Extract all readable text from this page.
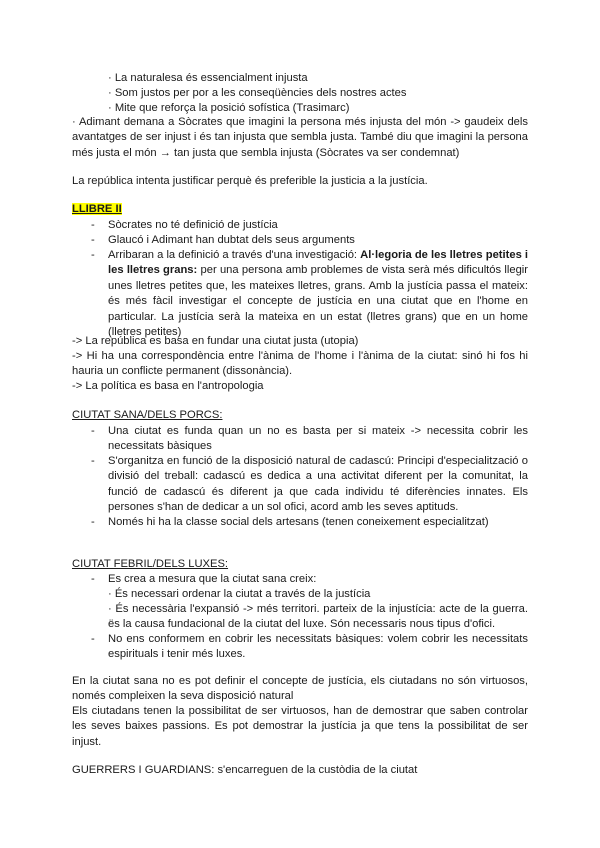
· La naturalesa és essencialment injusta
· Som justos per por a les conseqüències dels nostres actes
· Mite que reforça la posició sofística (Trasimarc)
· Adimant demana a Sòcrates que imagini la persona més injusta del món -> gaudeix dels avantatges de ser injust i és tan injusta que sembla justa. També diu que imagini la persona més justa el món → tan justa que sembla injusta (Sòcrates va ser condemnat)
La república intenta justificar perquè és preferible la justicia a la justícia.
LLIBRE II
- Sòcrates no té definició de justícia
- Glaucó i Adimant han dubtat dels seus arguments
- Arribaran a la definició a través d'una investigació: Al·legoria de les lletres petites i les lletres grans: per una persona amb problemes de vista serà més dificultós llegir unes lletres petites que, les mateixes lletres, grans. Amb la justícia passa el mateix: és més fàcil investigar el concepte de justícia en una ciutat que en l'home en particular. La justícia serà la mateixa en un estat (lletres grans) que en un home (lletres petites)
-> La república es basa en fundar una ciutat justa (utopia)
-> Hi ha una correspondència entre l'ànima de l'home i l'ànima de la ciutat: sinó hi fos hi hauria un conflicte permanent (dissonància).
-> La política es basa en l'antropologia
CIUTAT SANA/DELS PORCS:
- Una ciutat es funda quan un no es basta per si mateix -> necessita cobrir les necessitats bàsiques
- S'organitza en funció de la disposició natural de cadascú: Principi d'especialització o divisió del treball: cadascú es dedica a una activitat diferent per la comunitat, la funció de cadascú és diferent ja que cada individu té diferències innates. Els persones s'han de dedicar a un sol ofici, acord amb les seves aptituds.
- Només hi ha la classe social dels artesans (tenen coneixement especialitzat)
CIUTAT FEBRIL/DELS LUXES:
- Es crea a mesura que la ciutat sana creix:
· És necessari ordenar la ciutat a través de la justícia
· És necessària l'expansió -> més territori. parteix de la injustícia: acte de la guerra. ës la causa fundacional de la ciutat del luxe. Són necessaris nous tipus d'ofici.
- No ens conformem en cobrir les necessitats bàsiques: volem cobrir les necessitats espirituals i tenir més luxes.
En la ciutat sana no es pot definir el concepte de justícia, els ciutadans no són virtuosos, només compleixen la seva disposició natural
Els ciutadans tenen la possibilitat de ser virtuosos, han de demostrar que saben controlar les seves baixes passions. Es pot demostrar la justícia ja que tens la possibilitat de ser injust.
GUERRERS I GUARDIANS: s'encarreguen de la custòdia de la ciutat
